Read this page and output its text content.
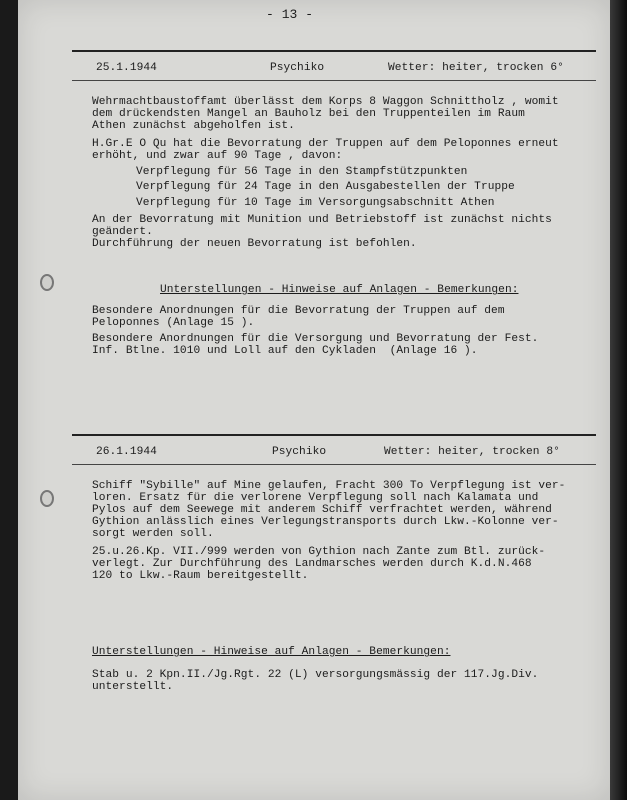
- 13 -
25.1.1944	Psychiko	Wetter: heiter, trocken 6°
Wehrmachtbaustoffamt überlässt dem Korps 8 Waggon Schnittholz , womit
dem drückendsten Mangel an Bauholz bei den Truppenteilen im Raum
Athen zunächst abgeholfen ist.
H.Gr.E O Qu hat die Bevorratung der Truppen auf dem Peloponnes erneut
erhöht, und zwar auf 90 Tage , davon:
Verpflegung für 56 Tage in den Stampfstützpunkten
Verpflegung für 24 Tage in den Ausgabestellen der Truppe
Verpflegung für 10 Tage im Versorgungsabschnitt Athen
An der Bevorratung mit Munition und Betriebstoff ist zunächst nichts
geändert.
Durchführung der neuen Bevorratung ist befohlen.
Unterstellungen - Hinweise auf Anlagen - Bemerkungen:
Besondere Anordnungen für die Bevorratung der Truppen auf dem
Peloponnes (Anlage 15 ).
Besondere Anordnungen für die Versorgung und Bevorratung der Fest.
Inf. Btlne. 1010 und Loll auf den Cykladen  (Anlage 16 ).
26.1.1944	Psychiko	Wetter: heiter, trocken 8°
Schiff "Sybille" auf Mine gelaufen, Fracht 300 To Verpflegung ist ver-
loren. Ersatz für die verlorene Verpflegung soll nach Kalamata und
Pylos auf dem Seewege mit anderem Schiff verfrachtet werden, während
Gythion anlässlich eines Verlegungstransports durch Lkw.-Kolonne ver-
sorgt werden soll.
25.u.26.Kp. VII./999 werden von Gythion nach Zante zum Btl. zurück-
verlegt. Zur Durchführung des Landmarsches werden durch K.d.N.468
120 to Lkw.-Raum bereitgestellt.
Unterstellungen - Hinweise auf Anlagen - Bemerkungen:
Stab u. 2 Kpn.II./Jg.Rgt. 22 (L) versorgungsmässig der 117.Jg.Div.
unterstellt.
